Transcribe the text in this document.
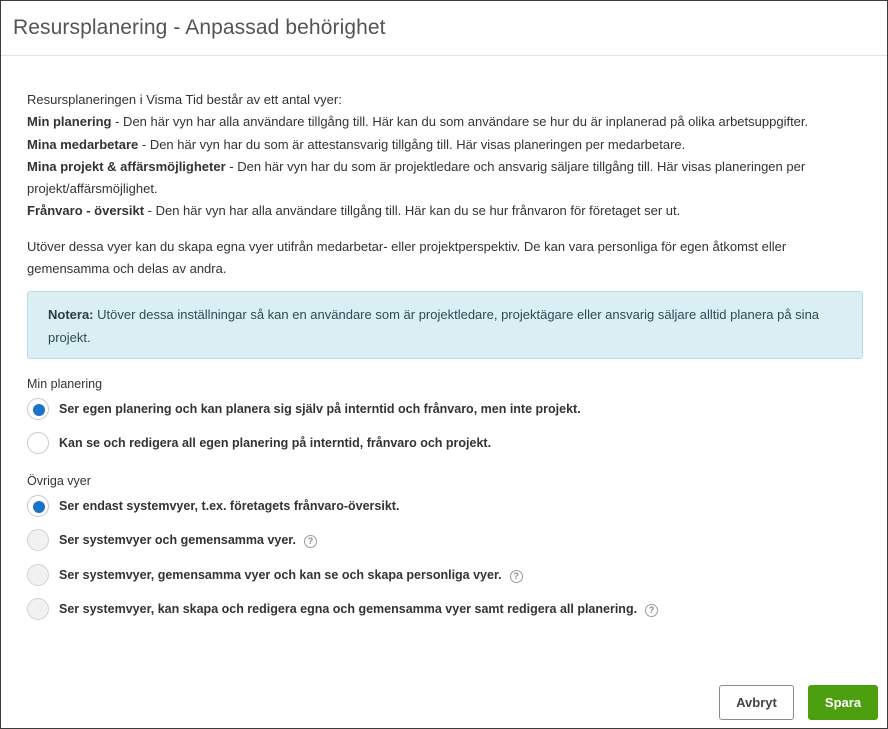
Resursplanering - Anpassad behörighet
Resursplaneringen i Visma Tid består av ett antal vyer:
Min planering - Den här vyn har alla användare tillgång till. Här kan du som användare se hur du är inplanerad på olika arbetsuppgifter.
Mina medarbetare - Den här vyn har du som är attestansvarig tillgång till. Här visas planeringen per medarbetare.
Mina projekt & affärsmöjligheter - Den här vyn har du som är projektledare och ansvarig säljare tillgång till. Här visas planeringen per projekt/affärsmöjlighet.
Frånvaro - översikt - Den här vyn har alla användare tillgång till. Här kan du se hur frånvaron för företaget ser ut.
Utöver dessa vyer kan du skapa egna vyer utifrån medarbetar- eller projektperspektiv. De kan vara personliga för egen åtkomst eller gemensamma och delas av andra.
Notera: Utöver dessa inställningar så kan en användare som är projektledare, projektägare eller ansvarig säljare alltid planera på sina projekt.
Min planering
Ser egen planering och kan planera sig själv på interntid och frånvaro, men inte projekt.
Kan se och redigera all egen planering på interntid, frånvaro och projekt.
Övriga vyer
Ser endast systemvyer, t.ex. företagets frånvaro-översikt.
Ser systemvyer och gemensamma vyer.	?
Ser systemvyer, gemensamma vyer och kan se och skapa personliga vyer.	?
Ser systemvyer, kan skapa och redigera egna och gemensamma vyer samt redigera all planering.	?
Avbryt	Spara
